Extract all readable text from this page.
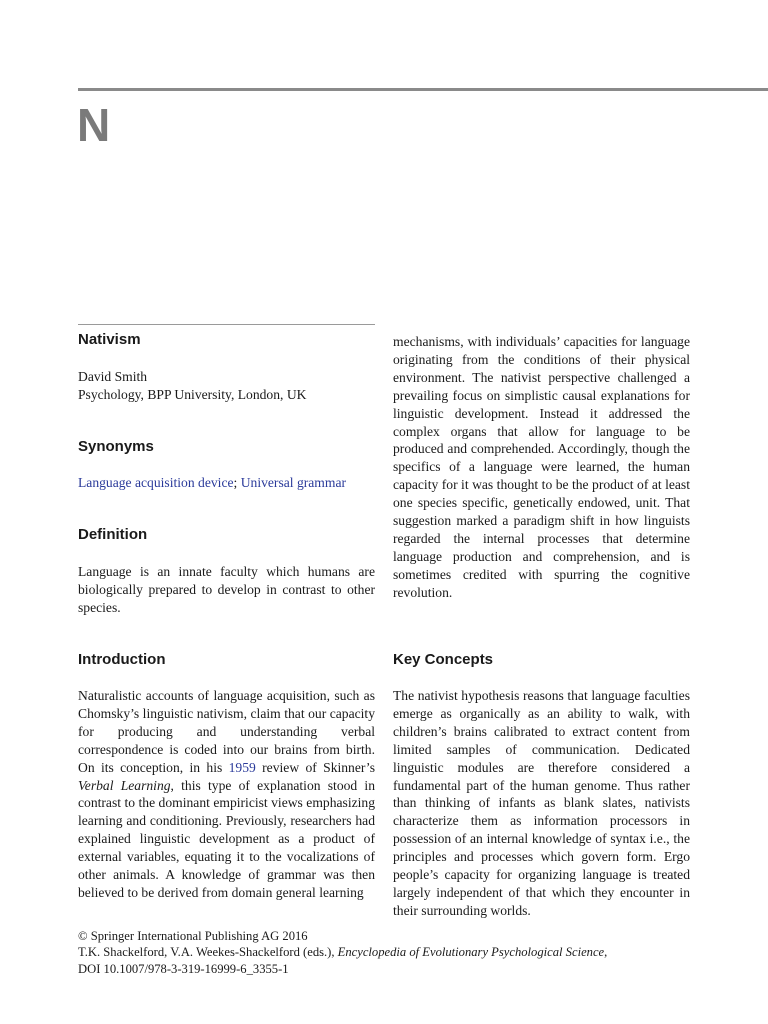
N
Nativism
David Smith
Psychology, BPP University, London, UK
Synonyms
Language acquisition device; Universal grammar
Definition
Language is an innate faculty which humans are biologically prepared to develop in contrast to other species.
Introduction
Naturalistic accounts of language acquisition, such as Chomsky’s linguistic nativism, claim that our capacity for producing and understanding verbal correspondence is coded into our brains from birth. On its conception, in his 1959 review of Skinner’s Verbal Learning, this type of explanation stood in contrast to the dominant empiricist views emphasizing learning and conditioning. Previously, researchers had explained linguistic development as a product of external variables, equating it to the vocalizations of other animals. A knowledge of grammar was then believed to be derived from domain general learning
mechanisms, with individuals’ capacities for language originating from the conditions of their physical environment. The nativist perspective challenged a prevailing focus on simplistic causal explanations for linguistic development. Instead it addressed the complex organs that allow for language to be produced and comprehended. Accordingly, though the specifics of a language were learned, the human capacity for it was thought to be the product of at least one species specific, genetically endowed, unit. That suggestion marked a paradigm shift in how linguists regarded the internal processes that determine language production and comprehension, and is sometimes credited with spurring the cognitive revolution.
Key Concepts
The nativist hypothesis reasons that language faculties emerge as organically as an ability to walk, with children’s brains calibrated to extract content from limited samples of communication. Dedicated linguistic modules are therefore considered a fundamental part of the human genome. Thus rather than thinking of infants as blank slates, nativists characterize them as information processors in possession of an internal knowledge of syntax i.e., the principles and processes which govern form. Ergo people’s capacity for organizing language is treated largely independent of that which they encounter in their surrounding worlds.
© Springer International Publishing AG 2016
T.K. Shackelford, V.A. Weekes-Shackelford (eds.), Encyclopedia of Evolutionary Psychological Science,
DOI 10.1007/978-3-319-16999-6_3355-1
